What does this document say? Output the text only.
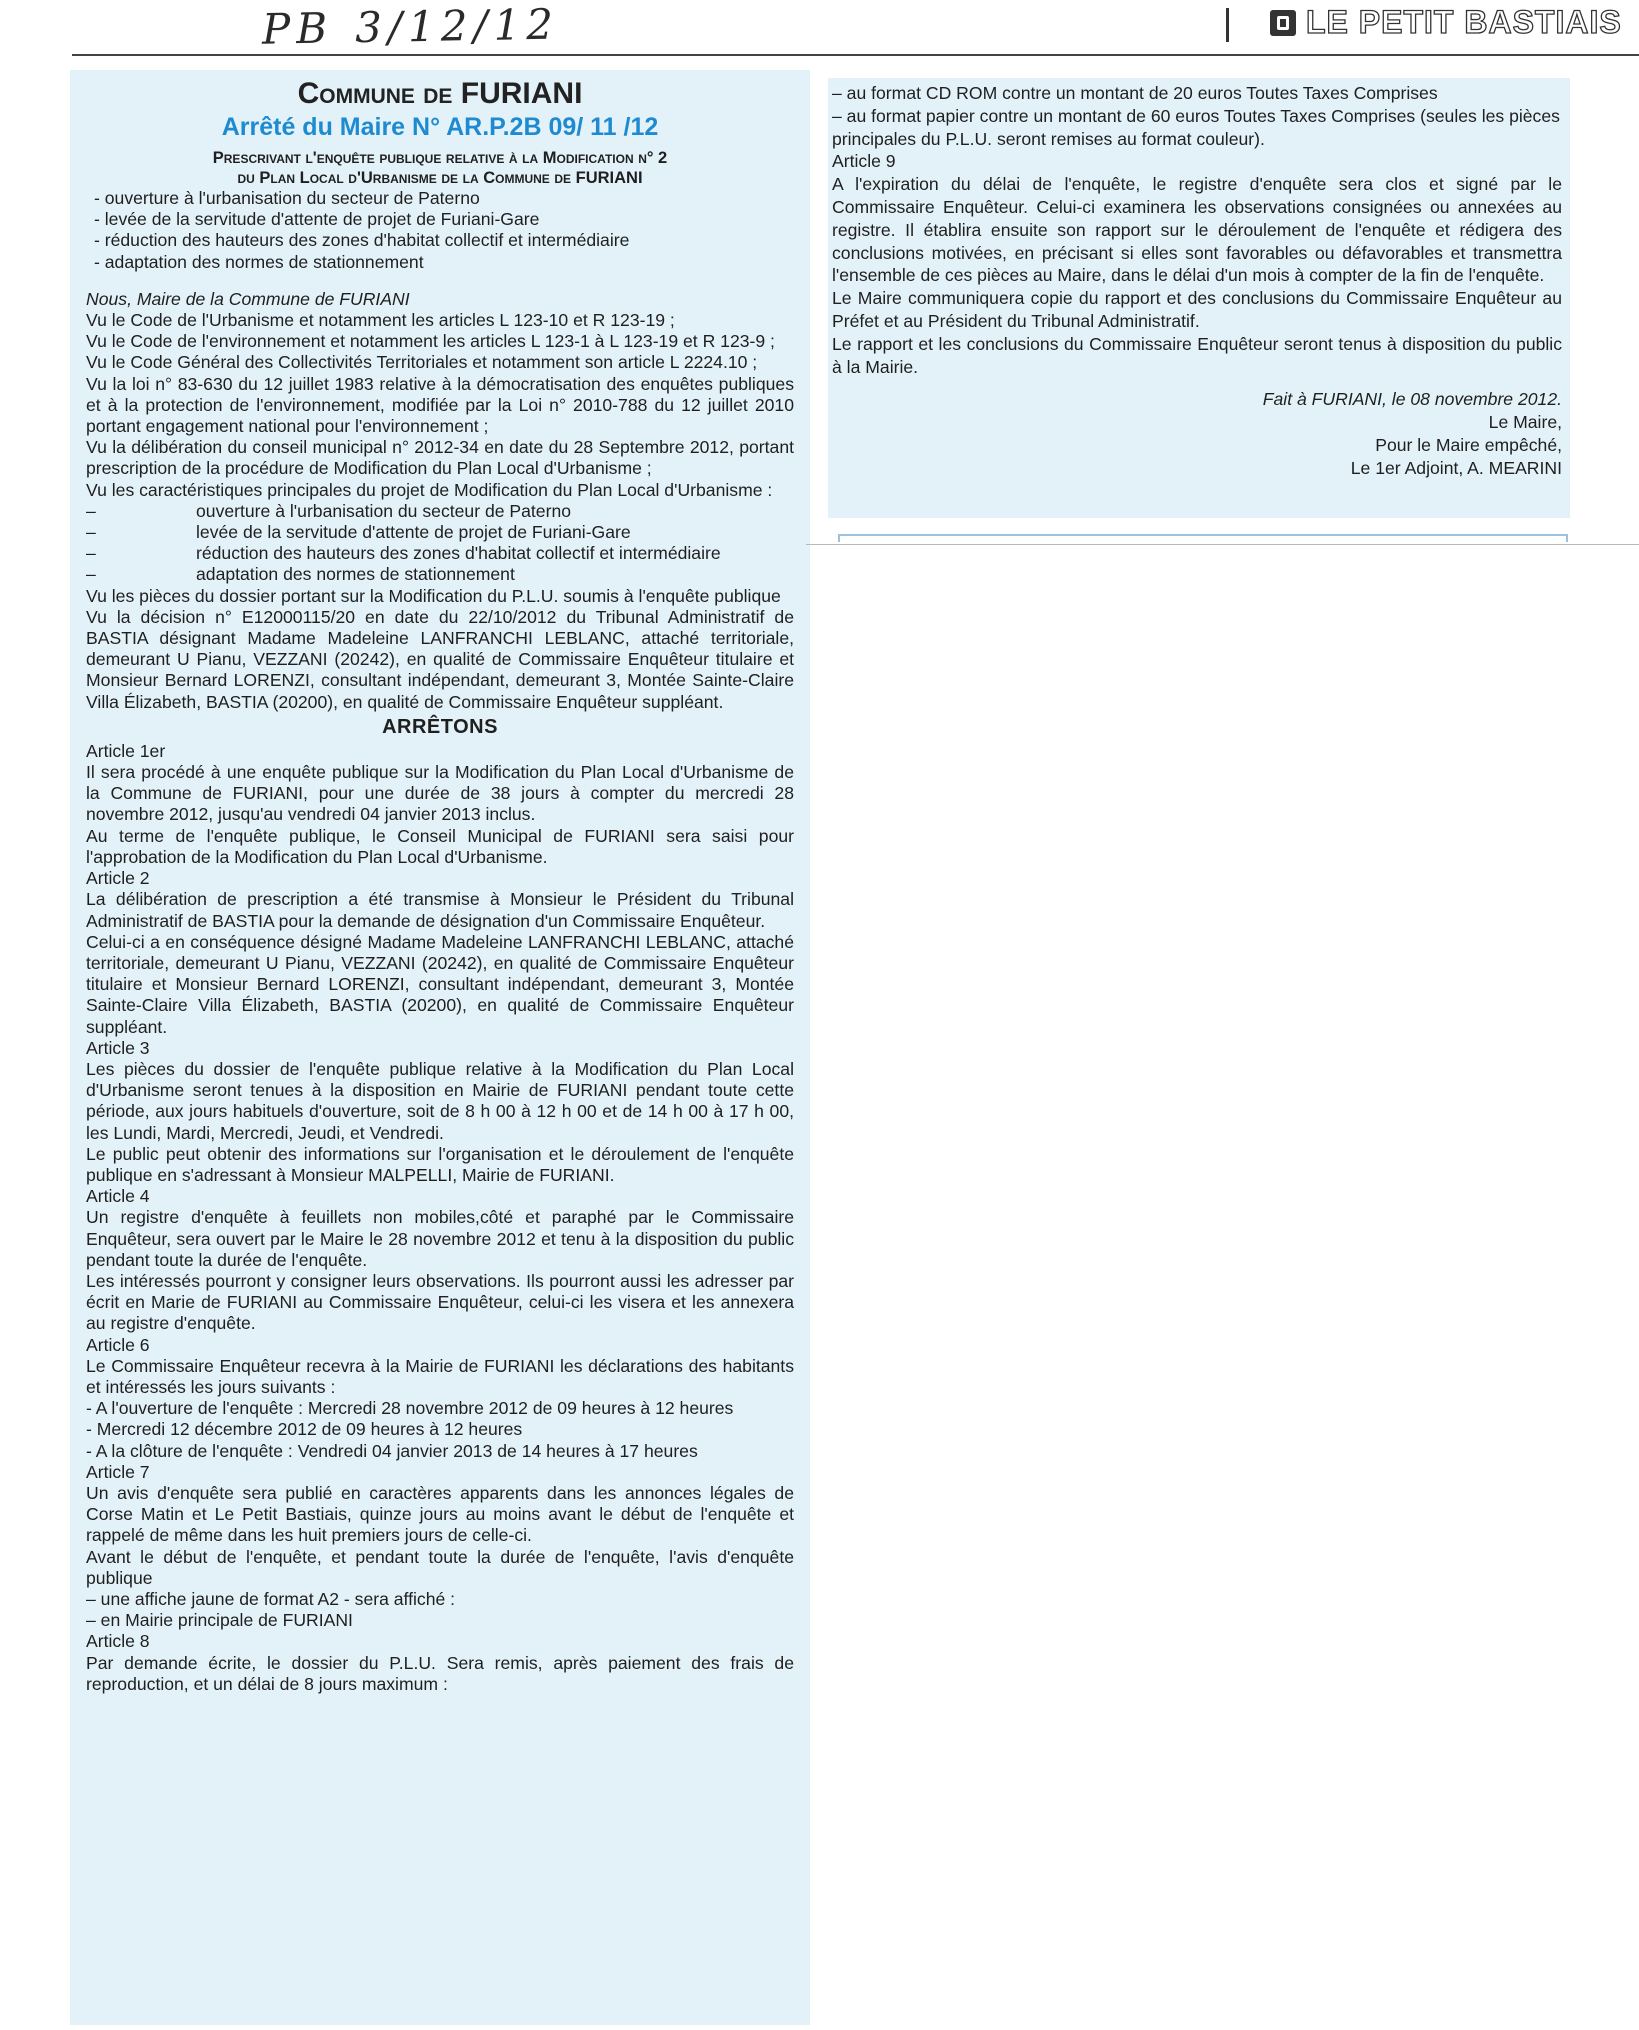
PB 3/12/12	LE PETIT BASTIAIS

Commune de FURIANI

Arrêté du Maire N° AR.P.2B 09/ 11 /12

Prescrivant l'enquête publique relative à la Modification n° 2

du Plan Local d'Urbanisme de la Commune de FURIANI

- ouverture à l'urbanisation du secteur de Paterno

- levée de la servitude d'attente de projet de Furiani-Gare

- réduction des hauteurs des zones d'habitat collectif et intermédiaire

- adaptation des normes de stationnement

Nous, Maire de la Commune de FURIANI

Vu le Code de l'Urbanisme et notamment les articles L 123-10 et R 123-19 ;

Vu le Code de l'environnement et notamment les articles L 123-1 à L 123-19 et R 123-9 ;

Vu le Code Général des Collectivités Territoriales et notamment son article L 2224.10 ;

Vu la loi n° 83-630 du 12 juillet 1983 relative à la démocratisation des enquêtes publiques et à la protection de l'environnement, modifiée par la Loi n° 2010-788 du 12 juillet 2010 portant engagement national pour l'environnement ;

Vu la délibération du conseil municipal n° 2012-34 en date du 28 Septembre 2012, portant prescription de la procédure de Modification du Plan Local d'Urbanisme ;

Vu les caractéristiques principales du projet de Modification du Plan Local d'Urbanisme :

–	ouverture à l'urbanisation du secteur de Paterno
–	levée de la servitude d'attente de projet de Furiani-Gare
–	réduction des hauteurs des zones d'habitat collectif et intermédiaire
–	adaptation des normes de stationnement

Vu les pièces du dossier portant sur la Modification du P.L.U. soumis à l'enquête publique

Vu la décision n° E12000115/20 en date du 22/10/2012 du Tribunal Administratif de BASTIA désignant Madame Madeleine LANFRANCHI LEBLANC, attaché territoriale, demeurant U Pianu, VEZZANI (20242), en qualité de Commissaire Enquêteur titulaire et Monsieur Bernard LORENZI, consultant indépendant, demeurant 3, Montée Sainte-Claire Villa Élizabeth, BASTIA (20200), en qualité de Commissaire Enquêteur suppléant.

ARRÊTONS

Article 1er

Il sera procédé à une enquête publique sur la Modification du Plan Local d'Urbanisme de la Commune de FURIANI, pour une durée de 38 jours à compter du mercredi 28 novembre 2012, jusqu'au vendredi 04 janvier 2013 inclus.

Au terme de l'enquête publique, le Conseil Municipal de FURIANI sera saisi pour l'approbation de la Modification du Plan Local d'Urbanisme.

Article 2

La délibération de prescription a été transmise à Monsieur le Président du Tribunal Administratif de BASTIA pour la demande de désignation d'un Commissaire Enquêteur.

Celui-ci a en conséquence désigné Madame Madeleine LANFRANCHI LEBLANC, attaché territoriale, demeurant U Pianu, VEZZANI (20242), en qualité de Commissaire Enquêteur titulaire et Monsieur Bernard LORENZI, consultant indépendant, demeurant 3, Montée Sainte-Claire Villa Élizabeth, BASTIA (20200), en qualité de Commissaire Enquêteur suppléant.

Article 3

Les pièces du dossier de l'enquête publique relative à la Modification du Plan Local d'Urbanisme seront tenues à la disposition en Mairie de FURIANI pendant toute cette période, aux jours habituels d'ouverture, soit de 8 h 00 à 12 h 00 et de 14 h 00 à 17 h 00, les Lundi, Mardi, Mercredi, Jeudi, et Vendredi.

Le public peut obtenir des informations sur l'organisation et le déroulement de l'enquête publique en s'adressant à Monsieur MALPELLI, Mairie de FURIANI.

Article 4

Un registre d'enquête à feuillets non mobiles,côté et paraphé par le Commissaire Enquêteur, sera ouvert par le Maire le 28 novembre 2012 et tenu à la disposition du public pendant toute la durée de l'enquête.

Les intéressés pourront y consigner leurs observations. Ils pourront aussi les adresser par écrit en Marie de FURIANI au Commissaire Enquêteur, celui-ci les visera et les annexera au registre d'enquête.

Article 6

Le Commissaire Enquêteur recevra à la Mairie de FURIANI les déclarations des habitants et intéressés les jours suivants :

- A l'ouverture de l'enquête : Mercredi 28 novembre 2012 de 09 heures à 12 heures

- Mercredi 12 décembre 2012 de 09 heures à 12 heures

- A la clôture de l'enquête : Vendredi 04 janvier 2013 de 14 heures à 17 heures

Article 7

Un avis d'enquête sera publié en caractères apparents dans les annonces légales de Corse Matin et Le Petit Bastiais, quinze jours au moins avant le début de l'enquête et rappelé de même dans les huit premiers jours de celle-ci.

Avant le début de l'enquête, et pendant toute la durée de l'enquête, l'avis d'enquête publique

– une affiche jaune de format A2 - sera affiché :

– en Mairie principale de FURIANI

Article 8

Par demande écrite, le dossier du P.L.U. Sera remis, après paiement des frais de reproduction, et un délai de 8 jours maximum :

– au format CD ROM contre un montant de 20 euros Toutes Taxes Comprises

– au format papier contre un montant de 60 euros Toutes Taxes Comprises (seules les pièces principales du P.L.U. seront remises au format couleur).

Article 9

A l'expiration du délai de l'enquête, le registre d'enquête sera clos et signé par le Commissaire Enquêteur. Celui-ci examinera les observations consignées ou annexées au registre. Il établira ensuite son rapport sur le déroulement de l'enquête et rédigera des conclusions motivées, en précisant si elles sont favorables ou défavorables et transmettra l'ensemble de ces pièces au Maire, dans le délai d'un mois à compter de la fin de l'enquête.

Le Maire communiquera copie du rapport et des conclusions du Commissaire Enquêteur au Préfet et au Président du Tribunal Administratif.

Le rapport et les conclusions du Commissaire Enquêteur seront tenus à disposition du public à la Mairie.

Fait à FURIANI, le 08 novembre 2012.

Le Maire,

Pour le Maire empêché,

Le 1er Adjoint, A. MEARINI
